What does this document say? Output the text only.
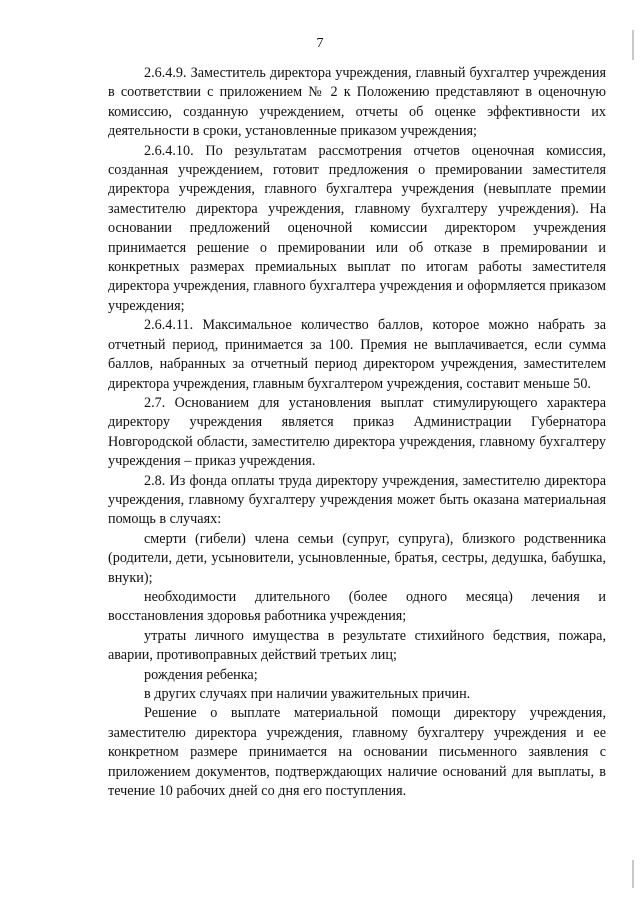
7

2.6.4.9. Заместитель директора учреждения, главный бухгалтер учреждения в соответствии с приложением № 2 к Положению представляют в оценочную комиссию, созданную учреждением, отчеты об оценке эффективности их деятельности в сроки, установленные приказом учреждения;

2.6.4.10. По результатам рассмотрения отчетов оценочная комиссия, созданная учреждением, готовит предложения о премировании заместителя директора учреждения, главного бухгалтера учреждения (невыплате премии заместителю директора учреждения, главному бухгалтеру учреждения). На основании предложений оценочной комиссии директором учреждения принимается решение о премировании или об отказе в премировании и конкретных размерах премиальных выплат по итогам работы заместителя директора учреждения, главного бухгалтера учреждения и оформляется приказом учреждения;

2.6.4.11. Максимальное количество баллов, которое можно набрать за отчетный период, принимается за 100. Премия не выплачивается, если сумма баллов, набранных за отчетный период директором учреждения, заместителем директора учреждения, главным бухгалтером учреждения, составит меньше 50.

2.7. Основанием для установления выплат стимулирующего характера директору учреждения является приказ Администрации Губернатора Новгородской области, заместителю директора учреждения, главному бухгалтеру учреждения – приказ учреждения.

2.8. Из фонда оплаты труда директору учреждения, заместителю директора учреждения, главному бухгалтеру учреждения может быть оказана материальная помощь в случаях:

смерти (гибели) члена семьи (супруг, супруга), близкого родственника (родители, дети, усыновители, усыновленные, братья, сестры, дедушка, бабушка, внуки);

необходимости длительного (более одного месяца) лечения и восстановления здоровья работника учреждения;

утраты личного имущества в результате стихийного бедствия, пожара, аварии, противоправных действий третьих лиц;

рождения ребенка;

в других случаях при наличии уважительных причин.

Решение о выплате материальной помощи директору учреждения, заместителю директора учреждения, главному бухгалтеру учреждения и ее конкретном размере принимается на основании письменного заявления с приложением документов, подтверждающих наличие оснований для выплаты, в течение 10 рабочих дней со дня его поступления.
